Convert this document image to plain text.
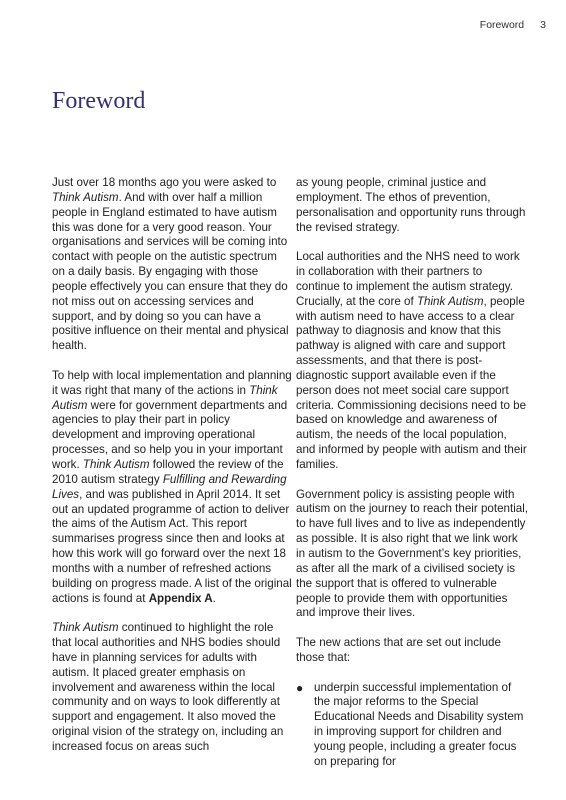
Foreword 3
Foreword

Just over 18 months ago you were asked to Think Autism. And with over half a million people in England estimated to have autism this was done for a very good reason. Your organisations and services will be coming into contact with people on the autistic spectrum on a daily basis. By engaging with those people effectively you can ensure that they do not miss out on accessing services and support, and by doing so you can have a positive influence on their mental and physical health.

To help with local implementation and planning it was right that many of the actions in Think Autism were for government departments and agencies to play their part in policy development and improving operational processes, and so help you in your important work. Think Autism followed the review of the 2010 autism strategy Fulfilling and Rewarding Lives, and was published in April 2014. It set out an updated programme of action to deliver the aims of the Autism Act. This report summarises progress since then and looks at how this work will go forward over the next 18 months with a number of refreshed actions building on progress made. A list of the original actions is found at Appendix A.

Think Autism continued to highlight the role that local authorities and NHS bodies should have in planning services for adults with autism. It placed greater emphasis on involvement and awareness within the local community and on ways to look differently at support and engagement. It also moved the original vision of the strategy on, including an increased focus on areas such

as young people, criminal justice and employment. The ethos of prevention, personalisation and opportunity runs through the revised strategy.

Local authorities and the NHS need to work in collaboration with their partners to continue to implement the autism strategy. Crucially, at the core of Think Autism, people with autism need to have access to a clear pathway to diagnosis and know that this pathway is aligned with care and support assessments, and that there is post-diagnostic support available even if the person does not meet social care support criteria. Commissioning decisions need to be based on knowledge and awareness of autism, the needs of the local population, and informed by people with autism and their families.

Government policy is assisting people with autism on the journey to reach their potential, to have full lives and to live as independently as possible. It is also right that we link work in autism to the Government’s key priorities, as after all the mark of a civilised society is the support that is offered to vulnerable people to provide them with opportunities and improve their lives.

The new actions that are set out include those that:

● underpin successful implementation of the major reforms to the Special Educational Needs and Disability system in improving support for children and young people, including a greater focus on preparing for
